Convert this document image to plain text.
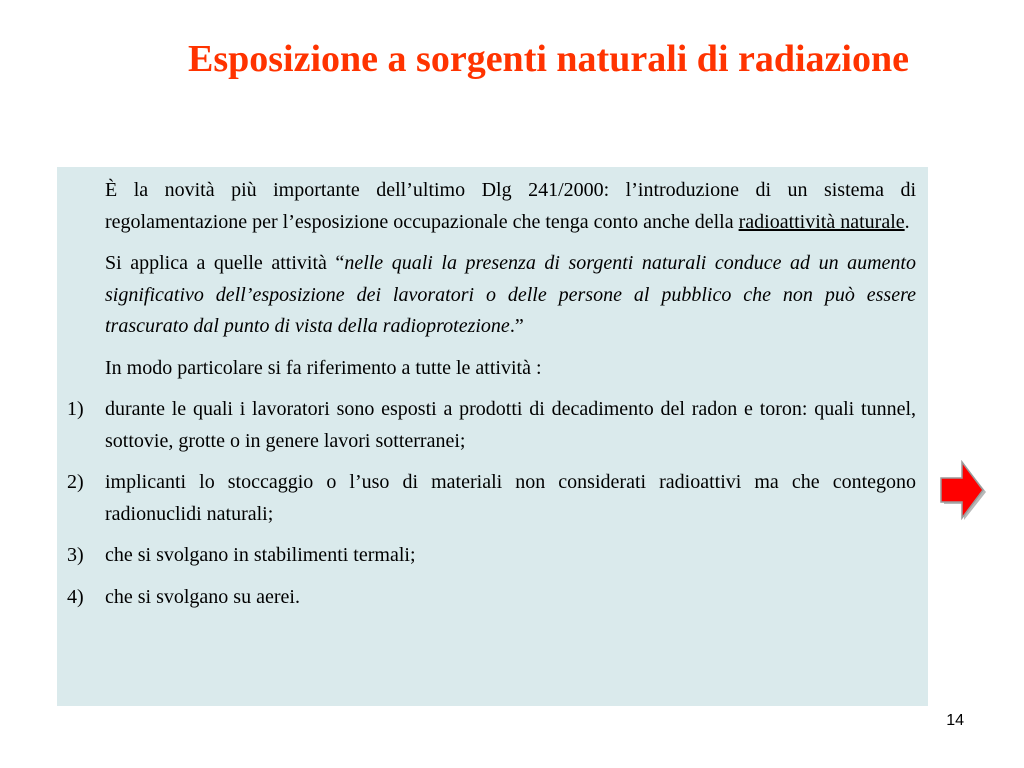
Esposizione a sorgenti naturali di radiazione

È la novità più importante dell’ultimo Dlg 241/2000: l’introduzione di un sistema di regolamentazione per l’esposizione occupazionale che tenga conto anche della radioattività naturale.

Si applica a quelle attività “nelle quali la presenza di sorgenti naturali conduce ad un aumento significativo dell’esposizione dei lavoratori o delle persone al pubblico che non può essere trascurato dal punto di vista della radioprotezione.”

In modo particolare si fa riferimento a tutte le attività :

1) durante le quali i lavoratori sono esposti a prodotti di decadimento del radon e toron: quali tunnel, sottovie, grotte o in genere lavori sotterranei;
2) implicanti lo stoccaggio o l’uso di materiali non considerati radioattivi ma che contegono radionuclidi naturali;
3) che si svolgano in stabilimenti termali;
4) che si svolgano su aerei.
14
